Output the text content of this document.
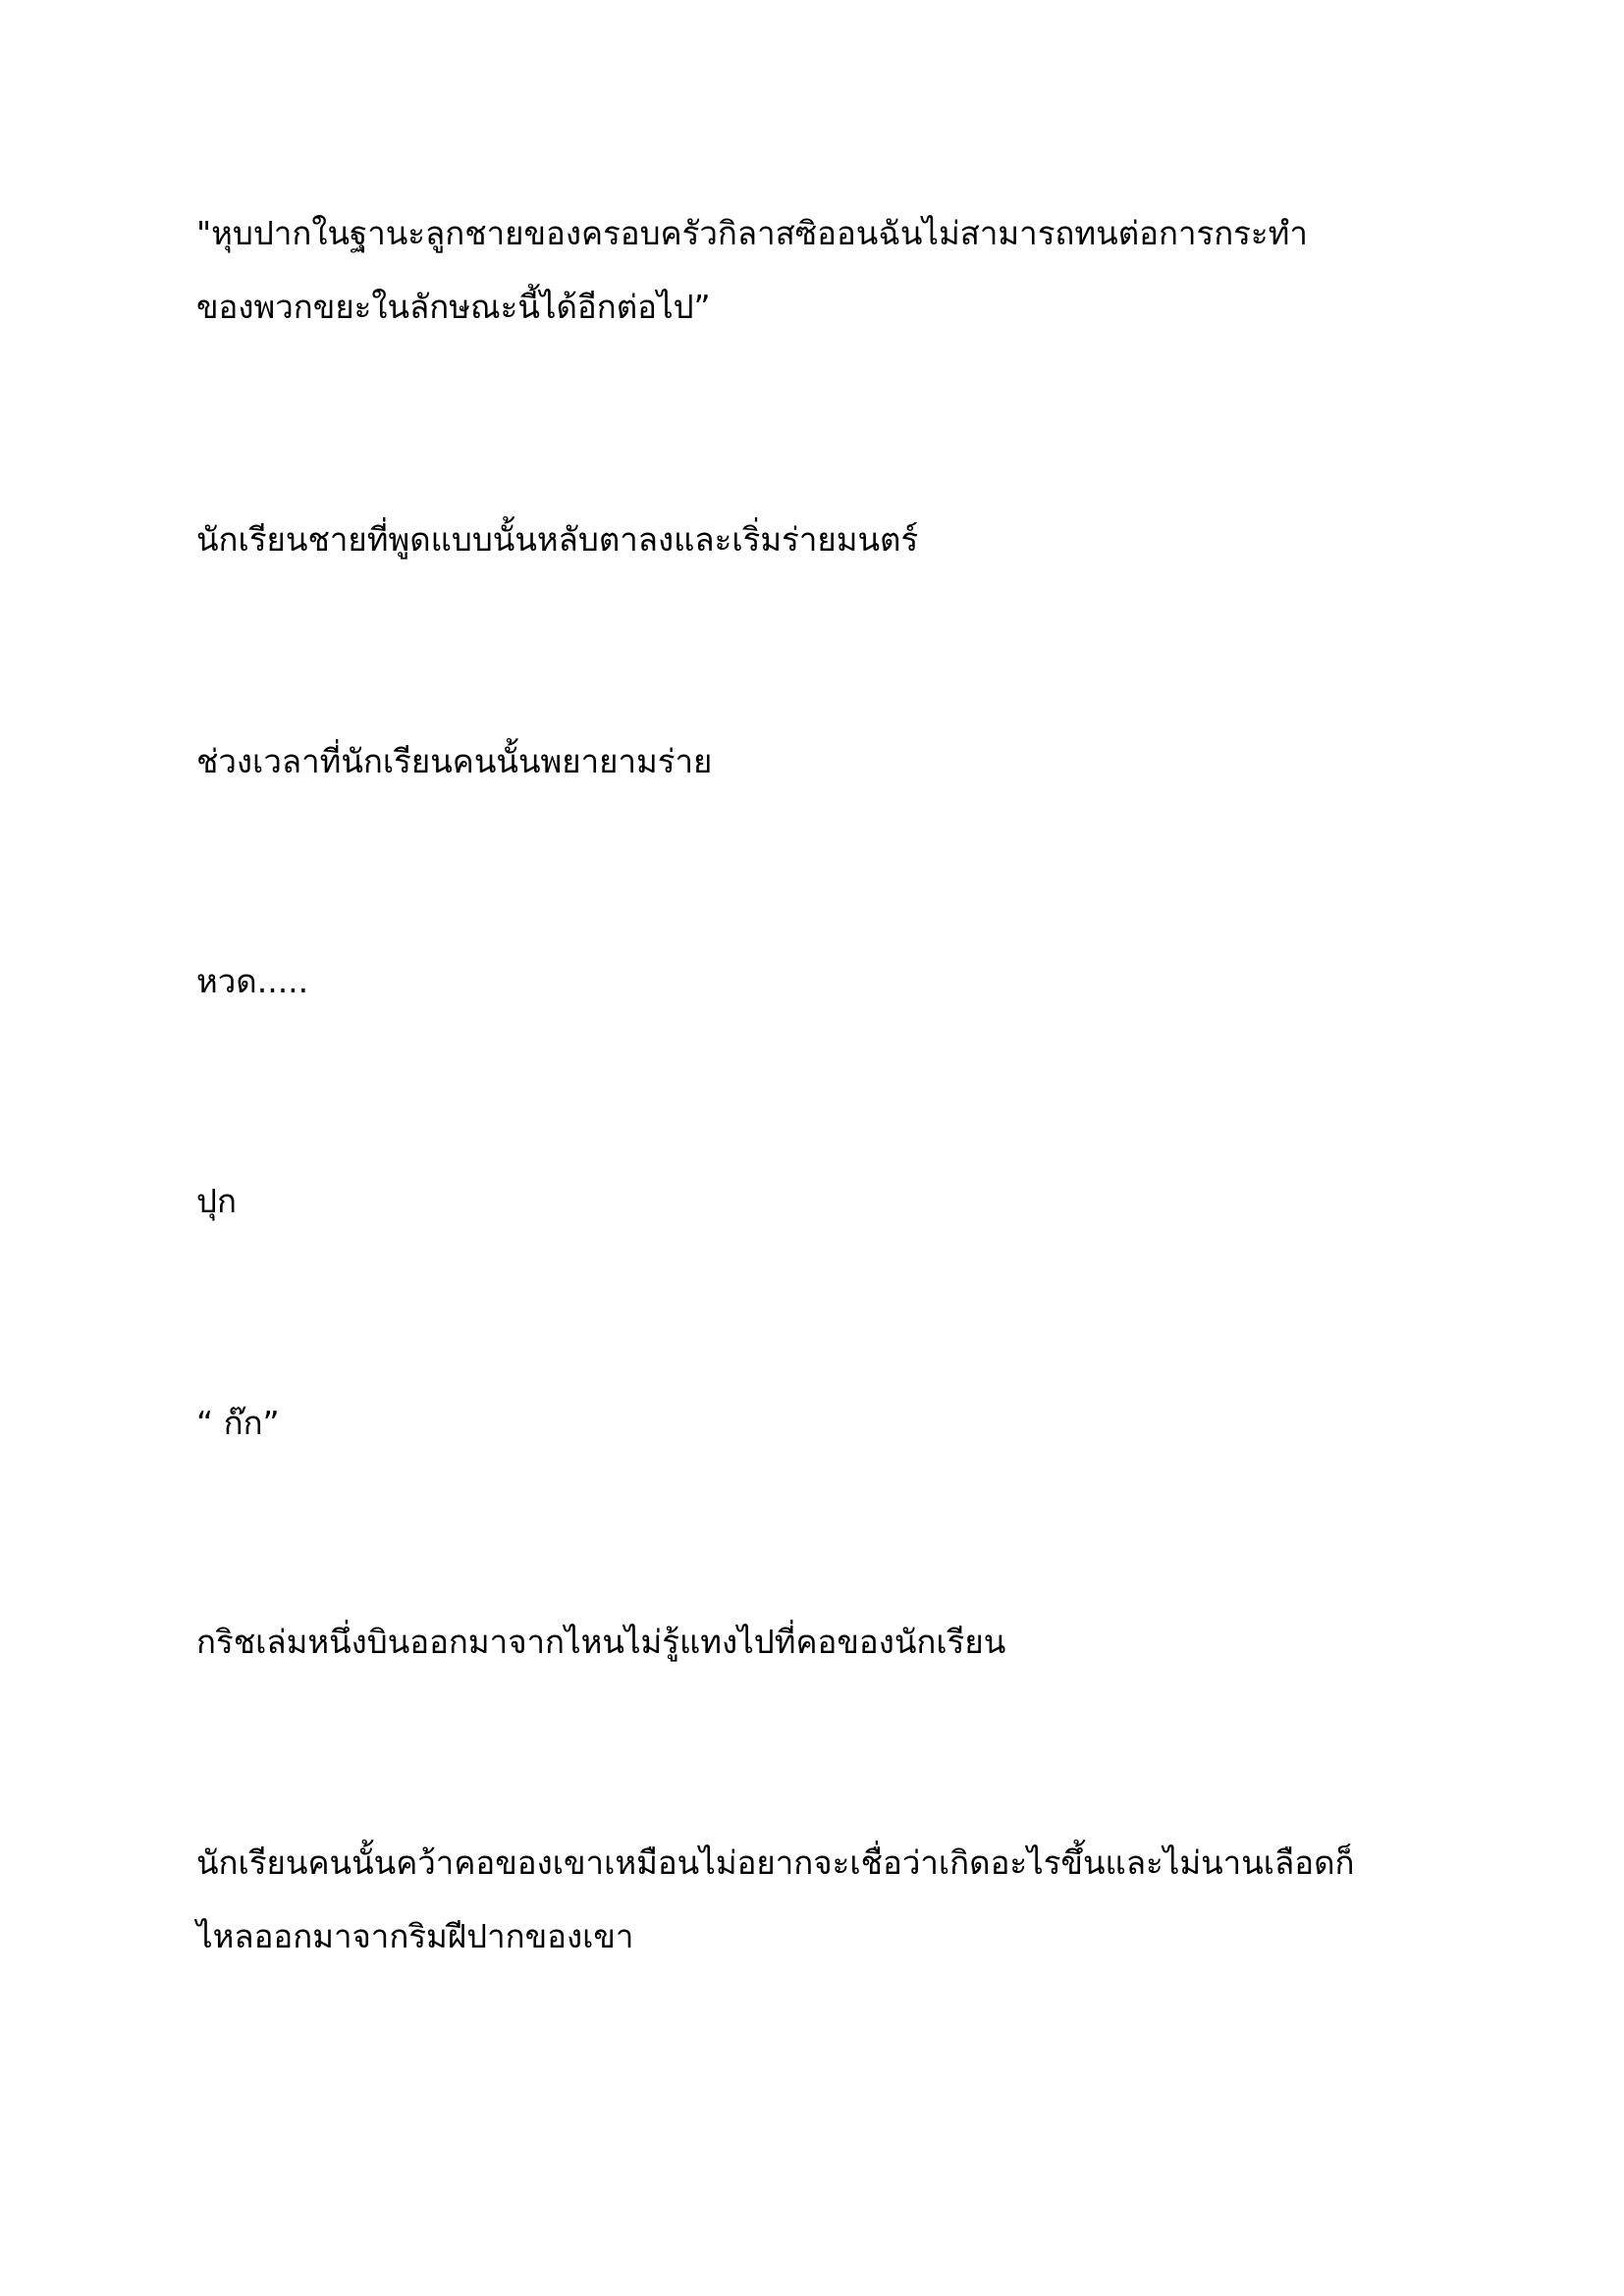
"หุบปากในฐานะลูกชายของครอบครัวกิลาสซิออนฉันไม่สามารถทนต่อการกระทำ
ของพวกขยะในลักษณะนี้ได้อีกต่อไป”

นักเรียนชายที่พูดแบบนั้นหลับตาลงและเริ่มร่ายมนตร์

ช่วงเวลาที่นักเรียนคนนั้นพยายามร่าย

หวด.....

ปุก

“ ก๊ก”

กริชเล่มหนึ่งบินออกมาจากไหนไม่รู้แทงไปที่คอของนักเรียน

นักเรียนคนนั้นคว้าคอของเขาเหมือนไม่อยากจะเชื่อว่าเกิดอะไรขึ้นและไม่นานเลือดก็
ไหลออกมาจากริมฝีปากของเขา
